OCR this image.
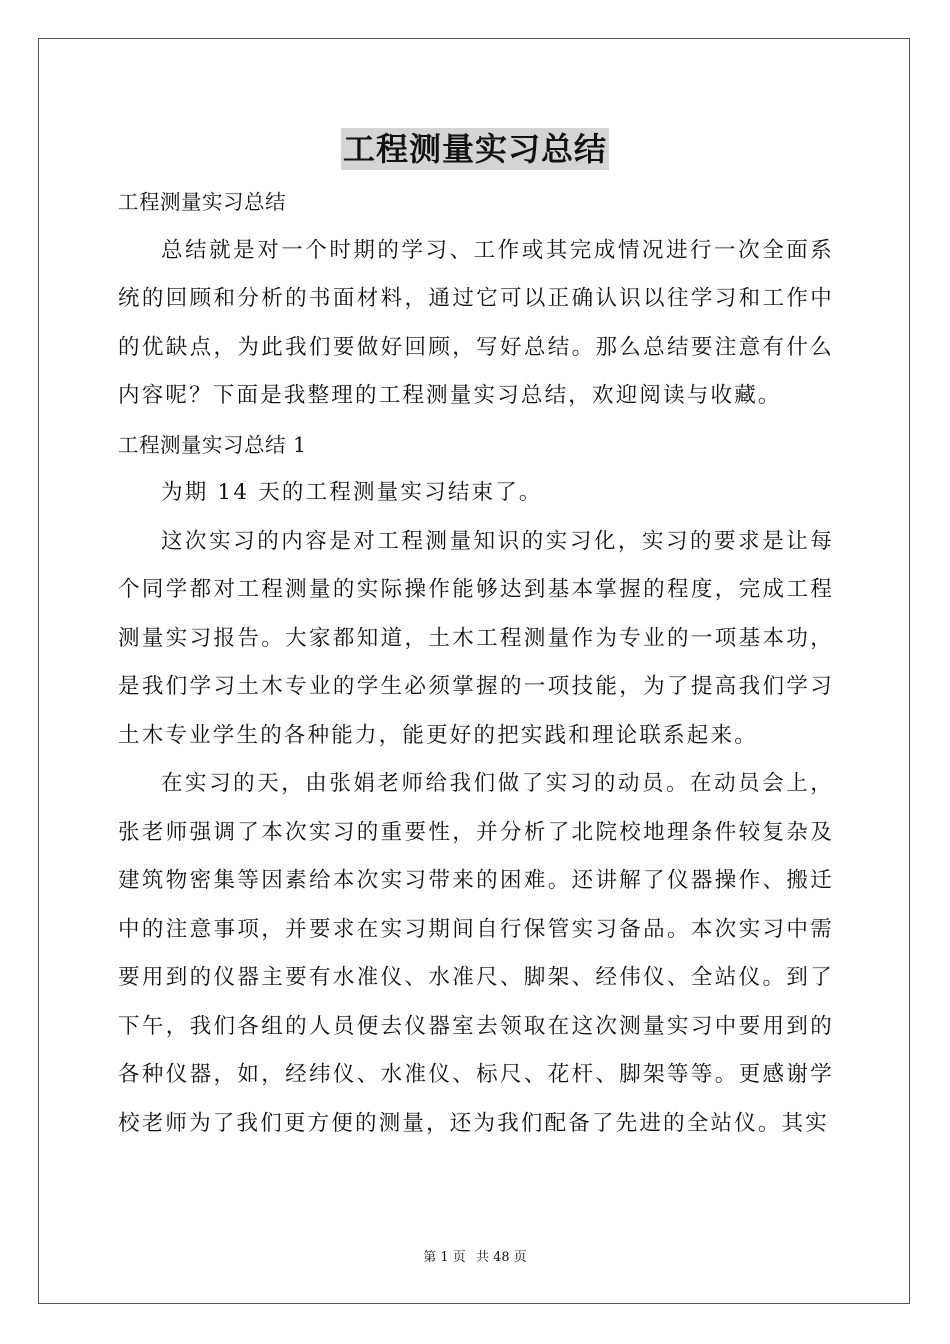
工程测量实习总结

工程测量实习总结

总结就是对一个时期的学习、工作或其完成情况进行一次全面系统的回顾和分析的书面材料，通过它可以正确认识以往学习和工作中的优缺点，为此我们要做好回顾，写好总结。那么总结要注意有什么内容呢？下面是我整理的工程测量实习总结，欢迎阅读与收藏。

工程测量实习总结 1

为期 14 天的工程测量实习结束了。

这次实习的内容是对工程测量知识的实习化，实习的要求是让每个同学都对工程测量的实际操作能够达到基本掌握的程度，完成工程测量实习报告。大家都知道，土木工程测量作为专业的一项基本功，是我们学习土木专业的学生必须掌握的一项技能，为了提高我们学习土木专业学生的各种能力，能更好的把实践和理论联系起来。

在实习的天，由张娟老师给我们做了实习的动员。在动员会上，张老师强调了本次实习的重要性，并分析了北院校地理条件较复杂及建筑物密集等因素给本次实习带来的困难。还讲解了仪器操作、搬迁中的注意事项，并要求在实习期间自行保管实习备品。本次实习中需要用到的仪器主要有水准仪、水准尺、脚架、经伟仪、全站仪。到了下午，我们各组的人员便去仪器室去领取在这次测量实习中要用到的各种仪器，如，经纬仪、水准仪、标尺、花杆、脚架等等。更感谢学校老师为了我们更方便的测量，还为我们配备了先进的全站仪。其实

第 1 页 共 48 页
